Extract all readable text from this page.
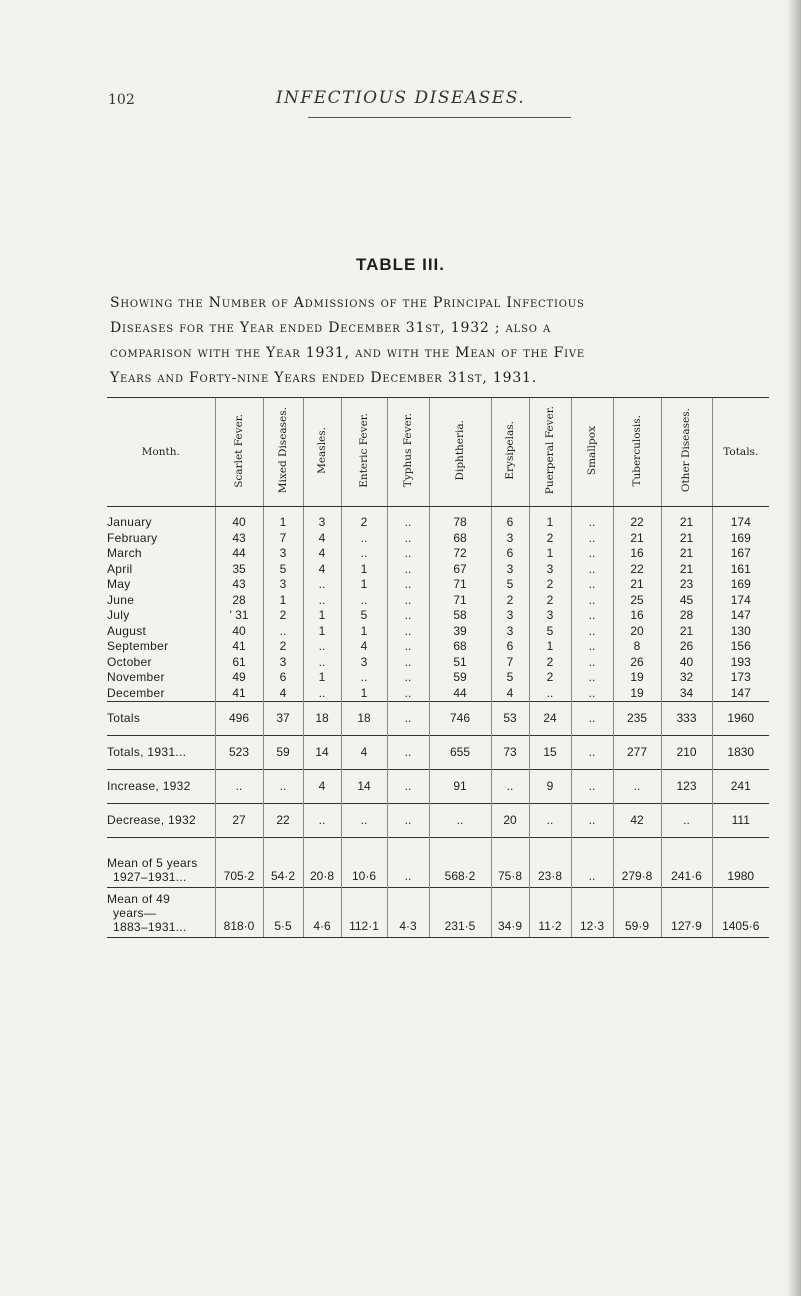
102	INFECTIOUS DISEASES.
TABLE III.
Showing the Number of Admissions of the Principal Infectious
Diseases for the Year ended December 31st, 1932 ; also a
comparison with the Year 1931, and with the Mean of the Five
Years and Forty-nine Years ended December 31st, 1931.
Month.	Scarlet Fever.	Mixed Diseases.	Measles.	Enteric Fever.	Typhus Fever.	Diphtheria.	Erysipelas.	Puerperal Fever.	Smallpox	Tuberculosis.	Other Diseases.	Totals.
January	40	1	3	2	..	78	6	1	..	22	21	174
February	43	7	4	..	..	68	3	2	..	21	21	169
March	44	3	4	..	..	72	6	1	..	16	21	167
April	35	5	4	1	..	67	3	3	..	22	21	161
May	43	3	..	1	..	71	5	2	..	21	23	169
June	28	1	..	..	..	71	2	2	..	25	45	174
July	' 31	2	1	5	..	58	3	3	..	16	28	147
August	40	..	1	1	..	39	3	5	..	20	21	130
September	41	2	..	4	..	68	6	1	..	8	26	156
October	61	3	..	3	..	51	7	2	..	26	40	193
November	49	6	1	..	..	59	5	2	..	19	32	173
December	41	4	..	1	..	44	4	..	..	19	34	147
Totals	496	37	18	18	..	746	53	24	..	235	333	1960
Totals, 1931...	523	59	14	4	..	655	73	15	..	277	210	1830
Increase, 1932	..	..	4	14	..	91	..	9	..	..	123	241
Decrease, 1932	27	22	..	..	..	..	20	..	..	42	..	111

Mean of 5 years
1927–1931...	705·2	54·2	20·8	10·6	..	568·2	75·8	23·8	..	279·8	241·6	1980

Mean of 49
years—
1883–1931...	818·0	5·5	4·6	112·1	4·3	231·5	34·9	11·2	12·3	59·9	127·9	1405·6
